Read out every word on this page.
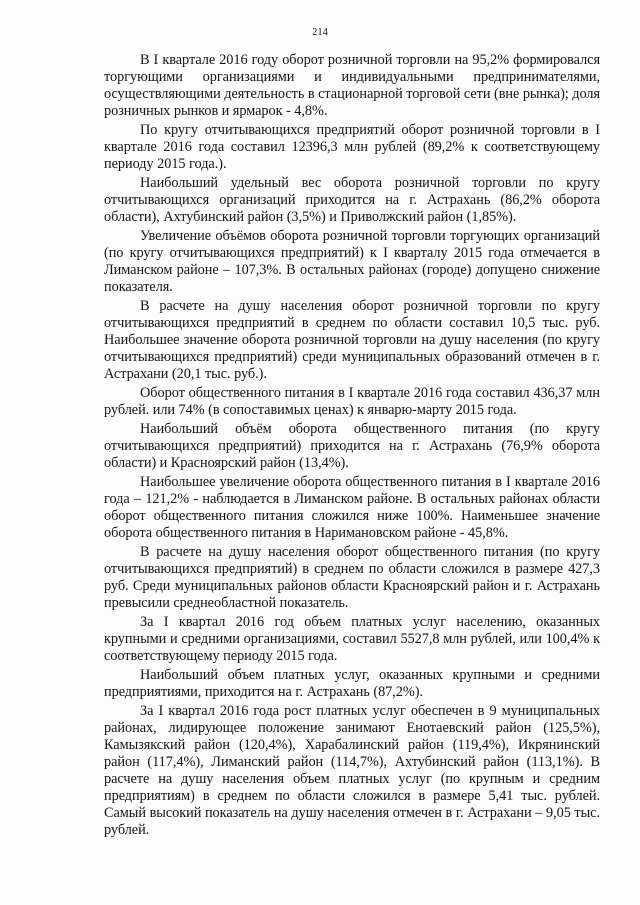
214

В I квартале 2016 году оборот розничной торговли на 95,2% формировался торгующими организациями и индивидуальными предпринимателями, осуществляющими деятельность в стационарной торговой сети (вне рынка); доля розничных рынков и ярмарок - 4,8%.

По кругу отчитывающихся предприятий оборот розничной торговли в I квартале 2016 года составил 12396,3 млн рублей (89,2% к соответствующему периоду 2015 года.).

Наибольший удельный вес оборота розничной торговли по кругу отчитывающихся организаций приходится на г. Астрахань (86,2% оборота области), Ахтубинский район (3,5%) и Приволжский район (1,85%).

Увеличение объёмов оборота розничной торговли торгующих организаций (по кругу отчитывающихся предприятий) к I кварталу 2015 года отмечается в Лиманском районе – 107,3%. В остальных районах (городе) допущено снижение показателя.

В расчете на душу населения оборот розничной торговли по кругу отчитывающихся предприятий в среднем по области составил 10,5 тыс. руб. Наибольшее значение оборота розничной торговли на душу населения (по кругу отчитывающихся предприятий) среди муниципальных образований отмечен в г. Астрахани (20,1 тыс. руб.).

Оборот общественного питания в I квартале 2016 года составил 436,37 млн рублей. или 74% (в сопоставимых ценах) к январю-марту 2015 года.

Наибольший объём оборота общественного питания (по кругу отчитывающихся предприятий) приходится на г. Астрахань (76,9% оборота области) и Красноярский район (13,4%).

Наибольшее увеличение оборота общественного питания в I квартале 2016 года – 121,2% - наблюдается в Лиманском районе. В остальных районах области оборот общественного питания сложился ниже 100%. Наименьшее значение оборота общественного питания в Наримановском районе - 45,8%.

В расчете на душу населения оборот общественного питания (по кругу отчитывающихся предприятий) в среднем по области сложился в размере 427,3 руб. Среди муниципальных районов области Красноярский район и г. Астрахань превысили среднеобластной показатель.

За I квартал 2016 год объем платных услуг населению, оказанных крупными и средними организациями, составил 5527,8 млн рублей, или 100,4% к соответствующему периоду 2015 года.

Наибольший объем платных услуг, оказанных крупными и средними предприятиями, приходится на г. Астрахань (87,2%).

За I квартал 2016 года рост платных услуг обеспечен в 9 муниципальных районах, лидирующее положение занимают Енотаевский район (125,5%), Камызякский район (120,4%), Харабалинский район (119,4%), Икрянинский район (117,4%), Лиманский район (114,7%), Ахтубинский район (113,1%). В расчете на душу населения объем платных услуг (по крупным и средним предприятиям) в среднем по области сложился в размере 5,41 тыс. рублей. Самый высокий показатель на душу населения отмечен в г. Астрахани – 9,05 тыс. рублей.
